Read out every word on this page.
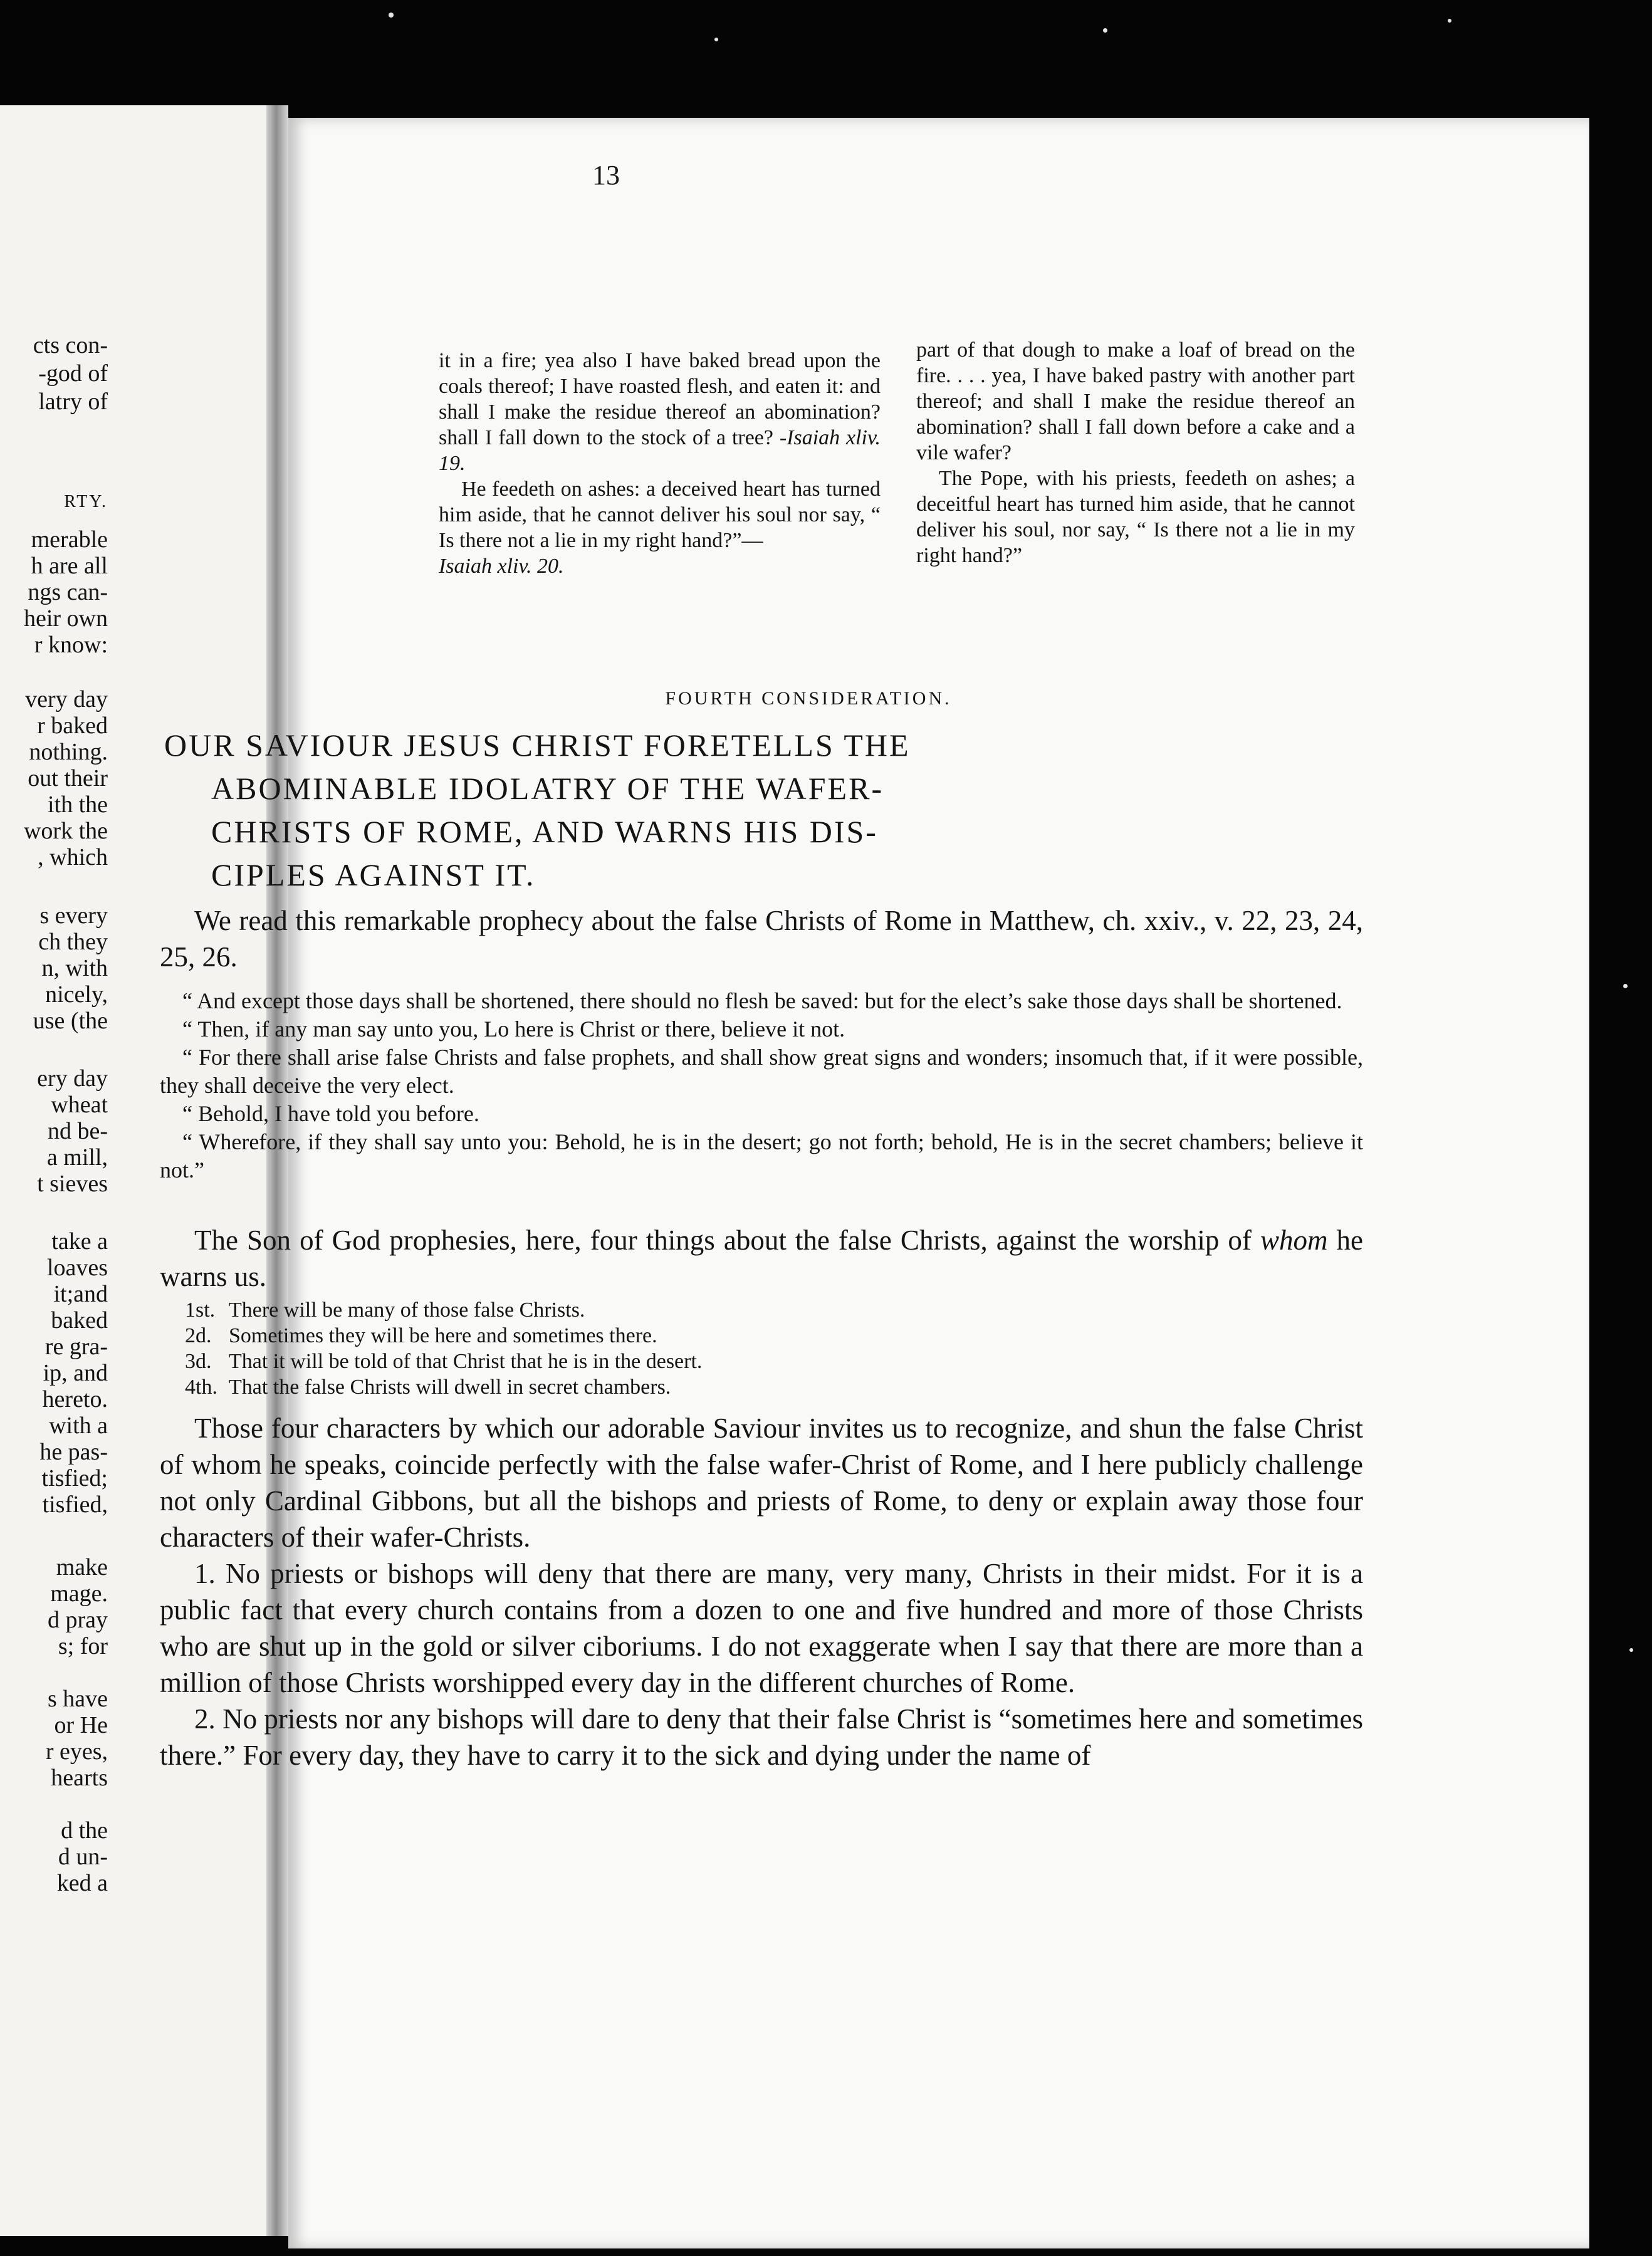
cts con-
-god of
latry of
RTY.
merable
h are all
ngs can-
heir own
r know:
very day
r baked
nothing.
out their
ith the
work the
, which
s every
ch they
n, with
nicely,
use (the
ery day
wheat
nd be-
a mill,
t sieves
take a
loaves
it;and
baked
re gra-
ip, and
hereto.
with a
he pas-
tisfied;
tisfied,
make
mage.
d pray
s; for
s have
or He
r eyes,
hearts
d the
d un-
ked a
13

it in a fire; yea also I have baked bread upon the coals thereof; I have roasted flesh, and eaten it: and shall I make the residue thereof an abomination? shall I fall down to the stock of a tree? -Isaiah xliv. 19.

He feedeth on ashes: a deceived heart has turned him aside, that he cannot deliver his soul nor say, “ Is there not a lie in my right hand?”—
Isaiah xliv. 20.

part of that dough to make a loaf of bread on the fire. . . . yea, I have baked pastry with another part thereof; and shall I make the residue thereof an abomination? shall I fall down before a cake and a vile wafer?

The Pope, with his priests, feedeth on ashes; a deceitful heart has turned him aside, that he cannot deliver his soul, nor say, “ Is there not a lie in my right hand?”

FOURTH CONSIDERATION.
OUR SAVIOUR JESUS CHRIST FORETELLS THE
ABOMINABLE IDOLATRY OF THE WAFER-
CHRISTS OF ROME, AND WARNS HIS DIS-
CIPLES AGAINST IT.
We read this remarkable prophecy about the false Christs of Rome in Matthew, ch. xxiv., v. 22, 23, 24, 25, 26.

“ And except those days shall be shortened, there should no flesh be saved: but for the elect’s sake those days shall be shortened.

“ Then, if any man say unto you, Lo here is Christ or there, believe it not.

“ For there shall arise false Christs and false prophets, and shall show great signs and wonders; insomuch that, if it were possible, they shall deceive the very elect.

“ Behold, I have told you before.

“ Wherefore, if they shall say unto you: Behold, he is in the desert; go not forth; behold, He is in the secret chambers; believe it not.”

The Son of God prophesies, here, four things about the false Christs, against the worship of whom he warns us.

1st. There will be many of those false Christs.
2d. Sometimes they will be here and sometimes there.
3d. That it will be told of that Christ that he is in the desert.
4th. That the false Christs will dwell in secret chambers.

Those four characters by which our adorable Saviour invites us to recognize, and shun the false Christ of whom he speaks, coincide perfectly with the false wafer-Christ of Rome, and I here publicly challenge not only Cardinal Gibbons, but all the bishops and priests of Rome, to deny or explain away those four characters of their wafer-Christs.

1. No priests or bishops will deny that there are many, very many, Christs in their midst. For it is a public fact that every church contains from a dozen to one and five hundred and more of those Christs who are shut up in the gold or silver ciboriums. I do not exaggerate when I say that there are more than a million of those Christs worshipped every day in the different churches of Rome.

2. No priests nor any bishops will dare to deny that their false Christ is “sometimes here and sometimes there.” For every day, they have to carry it to the sick and dying under the name of
